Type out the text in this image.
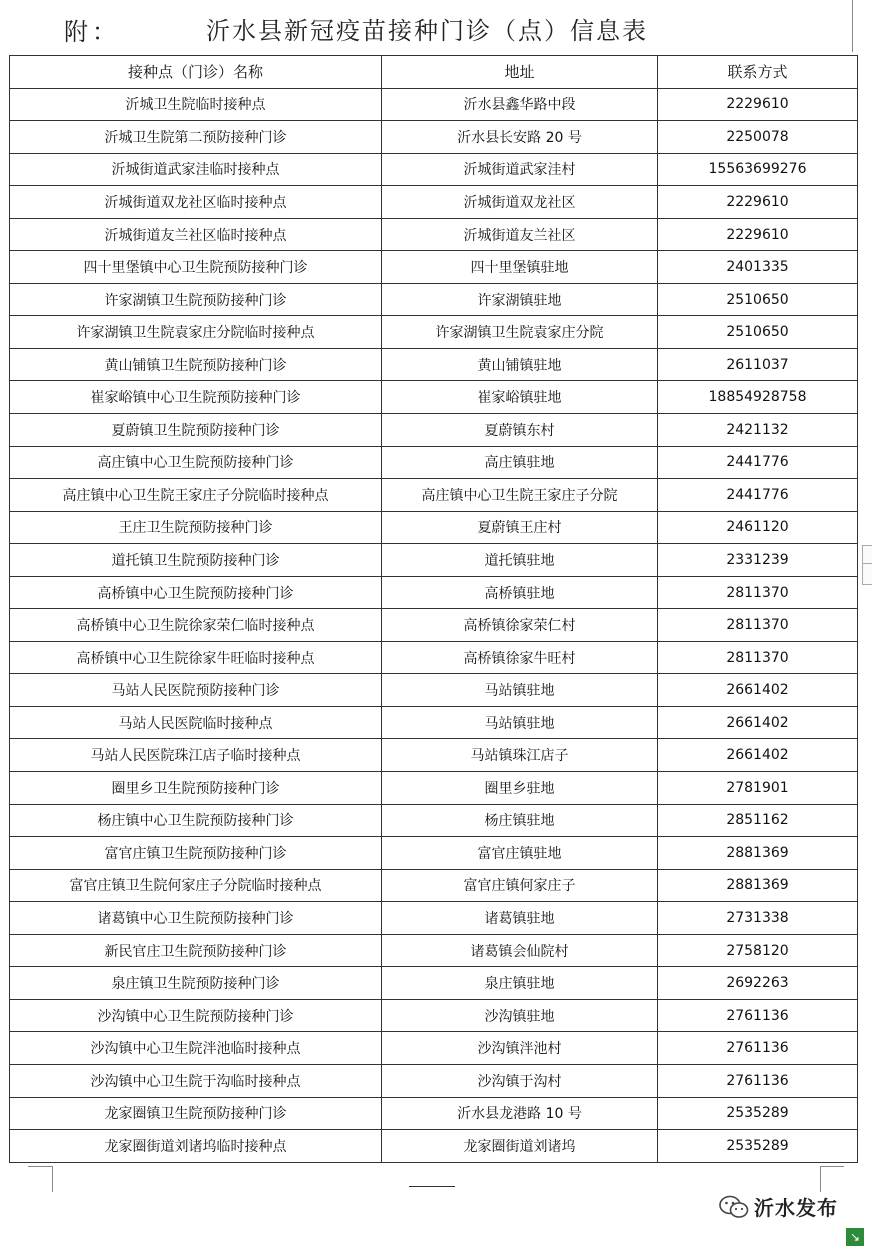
附：	沂水县新冠疫苗接种门诊（点）信息表
接种点（门诊）名称	地址	联系方式
沂城卫生院临时接种点	沂水县鑫华路中段	2229610
沂城卫生院第二预防接种门诊	沂水县长安路 20 号	2250078
沂城街道武家洼临时接种点	沂城街道武家洼村	15563699276
沂城街道双龙社区临时接种点	沂城街道双龙社区	2229610
沂城街道友兰社区临时接种点	沂城街道友兰社区	2229610
四十里堡镇中心卫生院预防接种门诊	四十里堡镇驻地	2401335
许家湖镇卫生院预防接种门诊	许家湖镇驻地	2510650
许家湖镇卫生院袁家庄分院临时接种点	许家湖镇卫生院袁家庄分院	2510650
黄山铺镇卫生院预防接种门诊	黄山铺镇驻地	2611037
崔家峪镇中心卫生院预防接种门诊	崔家峪镇驻地	18854928758
夏蔚镇卫生院预防接种门诊	夏蔚镇东村	2421132
高庄镇中心卫生院预防接种门诊	高庄镇驻地	2441776
高庄镇中心卫生院王家庄子分院临时接种点	高庄镇中心卫生院王家庄子分院	2441776
王庄卫生院预防接种门诊	夏蔚镇王庄村	2461120
道托镇卫生院预防接种门诊	道托镇驻地	2331239
高桥镇中心卫生院预防接种门诊	高桥镇驻地	2811370
高桥镇中心卫生院徐家荣仁临时接种点	高桥镇徐家荣仁村	2811370
高桥镇中心卫生院徐家牛旺临时接种点	高桥镇徐家牛旺村	2811370
马站人民医院预防接种门诊	马站镇驻地	2661402
马站人民医院临时接种点	马站镇驻地	2661402
马站人民医院珠江店子临时接种点	马站镇珠江店子	2661402
圈里乡卫生院预防接种门诊	圈里乡驻地	2781901
杨庄镇中心卫生院预防接种门诊	杨庄镇驻地	2851162
富官庄镇卫生院预防接种门诊	富官庄镇驻地	2881369
富官庄镇卫生院何家庄子分院临时接种点	富官庄镇何家庄子	2881369
诸葛镇中心卫生院预防接种门诊	诸葛镇驻地	2731338
新民官庄卫生院预防接种门诊	诸葛镇会仙院村	2758120
泉庄镇卫生院预防接种门诊	泉庄镇驻地	2692263
沙沟镇中心卫生院预防接种门诊	沙沟镇驻地	2761136
沙沟镇中心卫生院泮池临时接种点	沙沟镇泮池村	2761136
沙沟镇中心卫生院于沟临时接种点	沙沟镇于沟村	2761136
龙家圈镇卫生院预防接种门诊	沂水县龙港路 10 号	2535289
龙家圈街道刘诸坞临时接种点	龙家圈街道刘诸坞	2535289
沂水发布
↘
